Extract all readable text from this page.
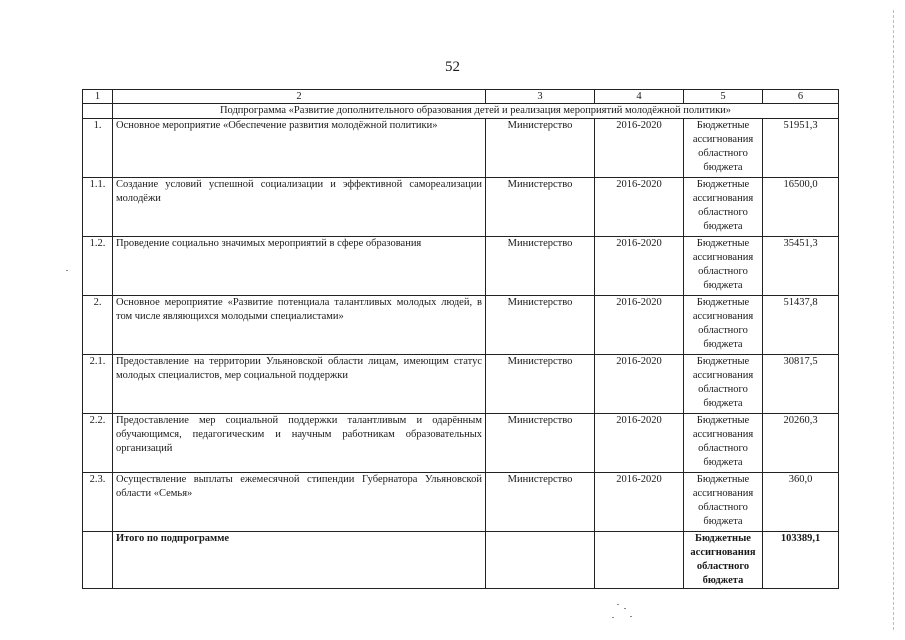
52
1	2	3	4	5	6
	Подпрограмма «Развитие дополнительного образования детей и реализация мероприятий молодёжной политики»				
1.	Основное мероприятие «Обеспечение развития молодёжной политики»	Министерство	2016-2020	Бюджетные ассигнования областного бюджета	51951,3
1.1.	Создание условий успешной социализации и эффективной самореализации молодёжи	Министерство	2016-2020	Бюджетные ассигнования областного бюджета	16500,0
1.2.	Проведение социально значимых мероприятий в сфере образования	Министерство	2016-2020	Бюджетные ассигнования областного бюджета	35451,3
2.	Основное мероприятие «Развитие потенциала талантливых молодых людей, в том числе являющихся молодыми специалистами»	Министерство	2016-2020	Бюджетные ассигнования областного бюджета	51437,8
2.1.	Предоставление на территории Ульяновской области лицам, имеющим статус молодых специалистов, мер социальной поддержки	Министерство	2016-2020	Бюджетные ассигнования областного бюджета	30817,5
2.2.	Предоставление мер социальной поддержки талантливым и одарённым обучающимся, педагогическим и научным работникам образовательных организаций	Министерство	2016-2020	Бюджетные ассигнования областного бюджета	20260,3
2.3.	Осуществление выплаты ежемесячной стипендии Губернатора Ульяновской области «Семья»	Министерство	2016-2020	Бюджетные ассигнования областного бюджета	360,0
	Итого по подпрограмме			Бюджетные ассигнования областного бюджета	103389,1
